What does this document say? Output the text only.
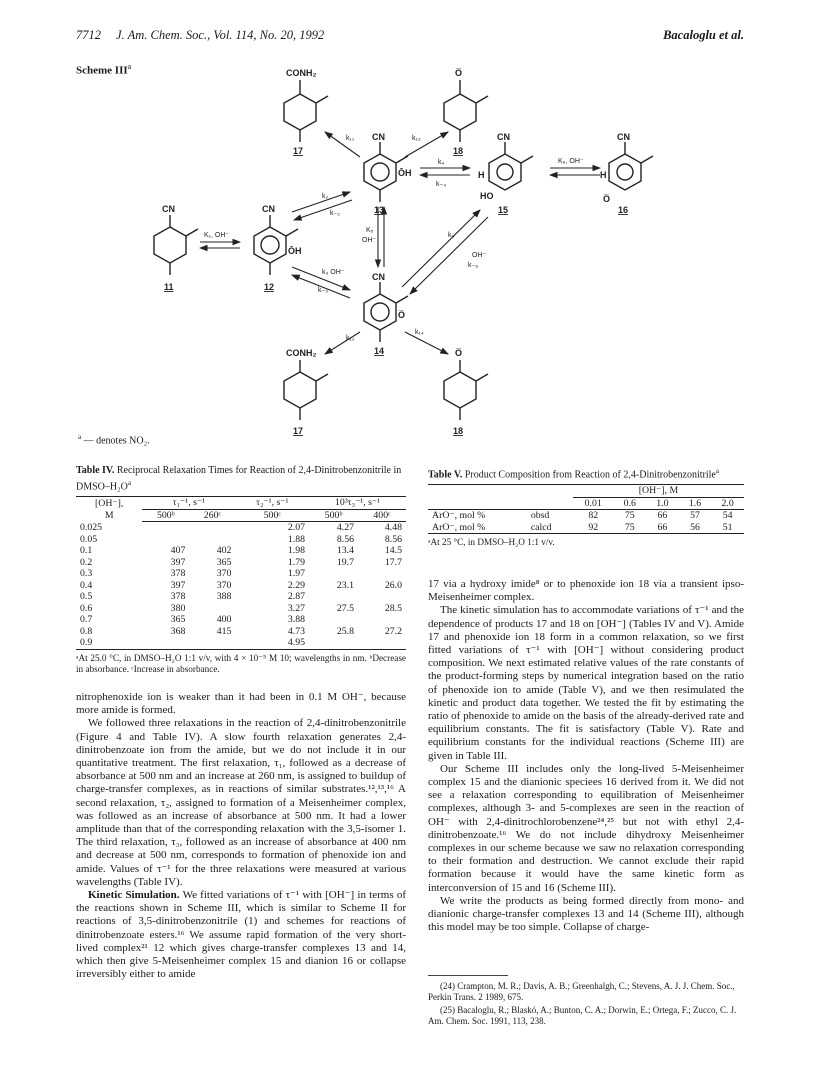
7712 J. Am. Chem. Soc., Vol. 114, No. 20, 1992	Bacaloglu et al.
Scheme III$^a$
CONH₂	O̅
17	18
CN	CN	CN
ŌH	H
HO
H
O̅
13	15	16
CN	CN
ŌH
11	12
CN
O̅
14
CONH₂	O̅
17	18
K₁, OH⁻
k₂
k₋₂
k₃ OH⁻
k₋₃
K₅
OH⁻
k₄
k₋₄
K₆, OH⁻
k₈
OH⁻
k₋₈
k₁₁	k₁₃
k₁₂
k₁₄
$^a$ — denotes NO₂.
Table IV. Reciprocal Relaxation Times for Reaction of 2,4-Dinitrobenzonitrile in DMSO–$H_2O^a$
[OH⁻],
M	τ₁⁻¹, s⁻¹		τ₂⁻¹, s⁻¹	10³τ₃⁻¹, s⁻¹	
	500ᵇ	260ᶜ	500ᶜ	500ᵇ	400ᶜ
0.025			2.07	4.27	4.48
0.05			1.88	8.56	8.56
0.1	407	402	1.98	13.4	14.5
0.2	397	365	1.79	19.7	17.7
0.3	378	370	1.97		
0.4	397	370	2.29	23.1	26.0
0.5	378	388	2.87		
0.6	380		3.27	27.5	28.5
0.7	365	400	3.88		
0.8	368	415	4.73	25.8	27.2
0.9			4.95		
ᵃAt 25.0 °C, in DMSO–H₂O 1:1 v/v, with 4 × 10⁻⁵ M 10; wavelengths in nm. ᵇDecrease in absorbance. ᶜIncrease in absorbance.
Table V. Product Composition from Reaction of 2,4-Dinitrobenzonitrile$^a$
		[OH⁻], M				
		0.01	0.6	1.0	1.6	2.0
ArO⁻, mol %	obsd	82	75	66	57	54
ArO⁻, mol %	calcd	92	75	66	56	51
ᵃAt 25 °C, in DMSO–H₂O 1:1 v/v.

nitrophenoxide ion is weaker than it had been in 0.1 M OH⁻, because more amide is formed.

We followed three relaxations in the reaction of 2,4-dinitrobenzonitrile (Figure 4 and Table IV). A slow fourth relaxation generates 2,4-dinitrobenzoate ion from the amide, but we do not include it in our quantitative treatment. The first relaxation, τ₁, followed as a decrease of absorbance at 500 nm and an increase at 260 nm, is assigned to buildup of charge-transfer complexes, as in reactions of similar substrates.¹²,¹³,¹⁶ A second relaxation, τ₂, assigned to formation of a Meisenheimer complex, was followed as an increase of absorbance at 500 nm. It had a lower amplitude than that of the corresponding relaxation with the 3,5-isomer 1. The third relaxation, τ₃, followed as an increase of absorbance at 400 nm and decrease at 500 nm, corresponds to formation of phenoxide ion and amide. Values of τ⁻¹ for the three relaxations were measured at various wavelengths (Table IV).

Kinetic Simulation. We fitted variations of τ⁻¹ with [OH⁻] in terms of the reactions shown in Scheme III, which is similar to Scheme II for reactions of 3,5-dinitrobenzonitrile (1) and schemes for reactions of dinitrobenzoate esters.¹⁶ We assume rapid formation of the very short-lived complex²¹ 12 which gives charge-transfer complexes 13 and 14, which then give 5-Meisenheimer complex 15 and dianion 16 or collapse irreversibly either to amide

17 via a hydroxy imide⁸ or to phenoxide ion 18 via a transient ipso-Meisenheimer complex.

The kinetic simulation has to accommodate variations of τ⁻¹ and the dependence of products 17 and 18 on [OH⁻] (Tables IV and V). Amide 17 and phenoxide ion 18 form in a common relaxation, so we first fitted variations of τ⁻¹ with [OH⁻] without considering product composition. We next estimated relative values of the rate constants of the product-forming steps by numerical integration based on the ratio of phenoxide ion to amide (Table V), and we then resimulated the kinetic and product data together. We tested the fit by estimating the ratio of phenoxide to amide on the basis of the already-derived rate and equilibrium constants. The fit is satisfactory (Table V). Rate and equilibrium constants for the individual reactions (Scheme III) are given in Table III.

Our Scheme III includes only the long-lived 5-Meisenheimer complex 15 and the dianionic speciees 16 derived from it. We did not see a relaxation corresponding to equilibration of Meisenheimer complexes, although 3- and 5-complexes are seen in the reaction of OH⁻ with 2,4-dinitrochlorobenzene²⁴,²⁵ but not with ethyl 2,4-dinitrobenzoate.¹⁶ We do not include dihydroxy Meisenheimer complexes in our scheme because we saw no relaxation corresponding to their formation and destruction. We cannot exclude their rapid formation because it would have the same kinetic form as interconversion of 15 and 16 (Scheme III).

We write the products as being formed directly from mono- and dianionic charge-transfer complexes 13 and 14 (Scheme III), although this model may be too simple. Collapse of charge-

(24) Crampton, M. R.; Davis, A. B.; Greenhalgh, C.; Stevens, A. J. J. Chem. Soc., Perkin Trans. 2 1989, 675.

(25) Bacaloglu, R.; Blaskó, A.; Bunton, C. A.; Dorwin, E.; Ortega, F.; Zucco, C. J. Am. Chem. Soc. 1991, 113, 238.
